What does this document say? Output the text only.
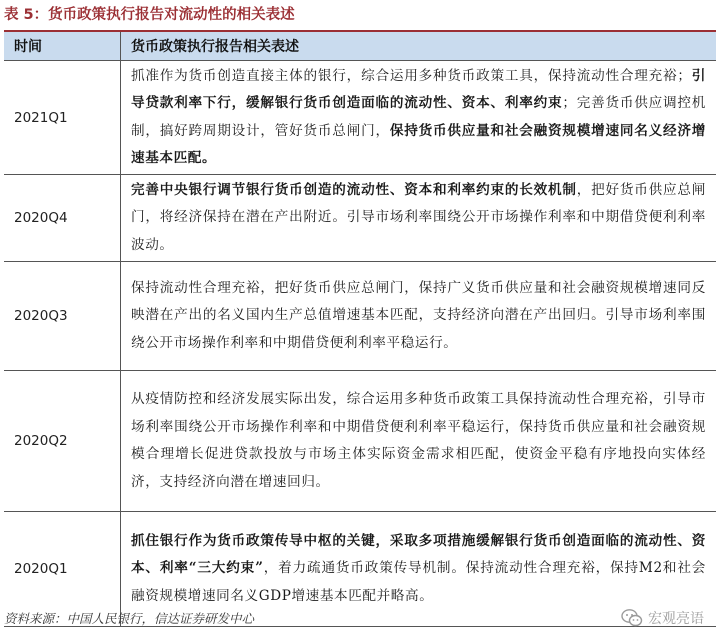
表 5：货币政策执行报告对流动性的相关表述
时间	货币政策执行报告相关表述
2021Q1	抓准作为货币创造直接主体的银行，综合运用多种货币政策工具，保持流动性合理充裕；引导贷款利率下行，缓解银行货币创造面临的流动性、资本、利率约束；完善货币供应调控机制，搞好跨周期设计，管好货币总闸门，保持货币供应量和社会融资规模增速同名义经济增速基本匹配。
2020Q4	完善中央银行调节银行货币创造的流动性、资本和利率约束的长效机制，把好货币供应总闸门，将经济保持在潜在产出附近。引导市场利率围绕公开市场操作利率和中期借贷便利利率波动。
2020Q3	保持流动性合理充裕，把好货币供应总闸门，保持广义货币供应量和社会融资规模增速同反映潜在产出的名义国内生产总值增速基本匹配，支持经济向潜在产出回归。引导市场利率围绕公开市场操作利率和中期借贷便利利率平稳运行。
2020Q2	从疫情防控和经济发展实际出发，综合运用多种货币政策工具保持流动性合理充裕，引导市场利率围绕公开市场操作利率和中期借贷便利利率平稳运行，保持货币供应量和社会融资规模合理增长促进贷款投放与市场主体实际资金需求相匹配，使资金平稳有序地投向实体经济，支持经济向潜在增速回归。
2020Q1	抓住银行作为货币政策传导中枢的关键，采取多项措施缓解银行货币创造面临的流动性、资本、利率“三大约束”，着力疏通货币政策传导机制。保持流动性合理充裕，保持M2和社会融资规模增速同名义GDP增速基本匹配并略高。
资料来源：中国人民银行，信达证券研发中心	宏观亮语
